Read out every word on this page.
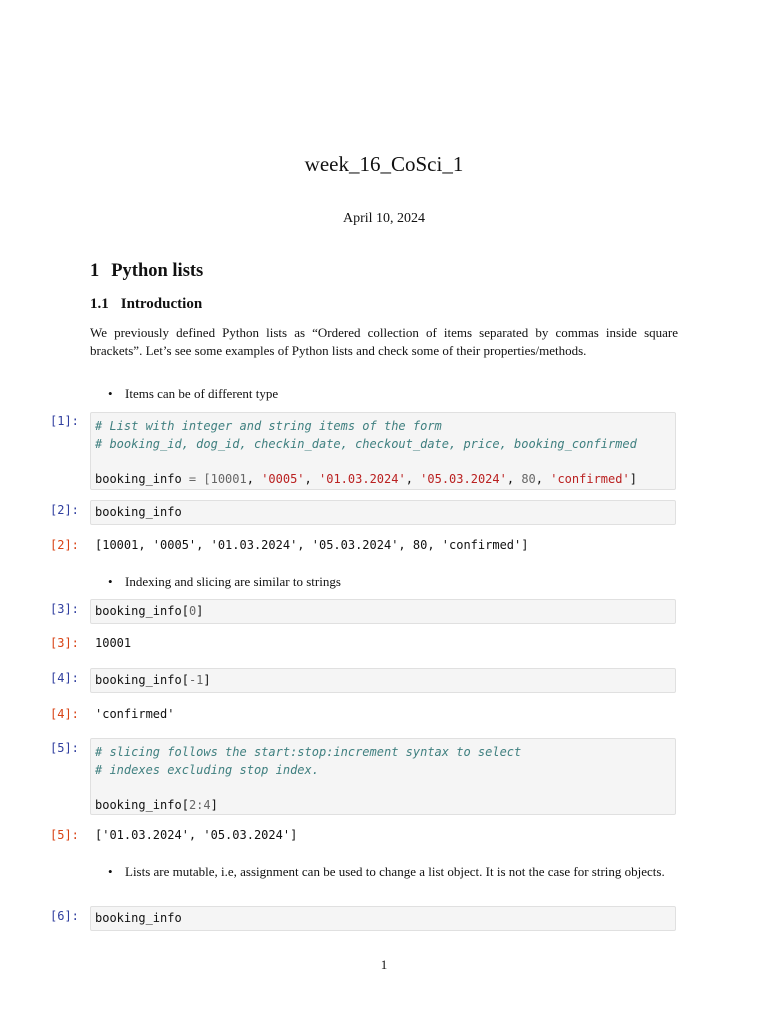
week_16_CoSci_1
April 10, 2024
1 Python lists
1.1 Introduction
We previously defined Python lists as “Ordered collection of items separated by commas inside square brackets”. Let’s see some examples of Python lists and check some of their properties/methods.
• Items can be of different type
[1]:	# List with integer and string items of the form
# booking_id, dog_id, checkin_date, checkout_date, price, booking_confirmed
booking_info = [10001, '0005', '01.03.2024', '05.03.2024', 80, 'confirmed']
[2]:	booking_info
[2]:	[10001, '0005', '01.03.2024', '05.03.2024', 80, 'confirmed']
• Indexing and slicing are similar to strings
[3]:	booking_info[0]
[3]:	10001
[4]:	booking_info[-1]
[4]:	'confirmed'
[5]:	# slicing follows the start:stop:increment syntax to select
# indexes excluding stop index.
booking_info[2:4]
[5]:	['01.03.2024', '05.03.2024']
• Lists are mutable, i.e, assignment can be used to change a list object. It is not the case for string objects.
[6]:	booking_info
1
